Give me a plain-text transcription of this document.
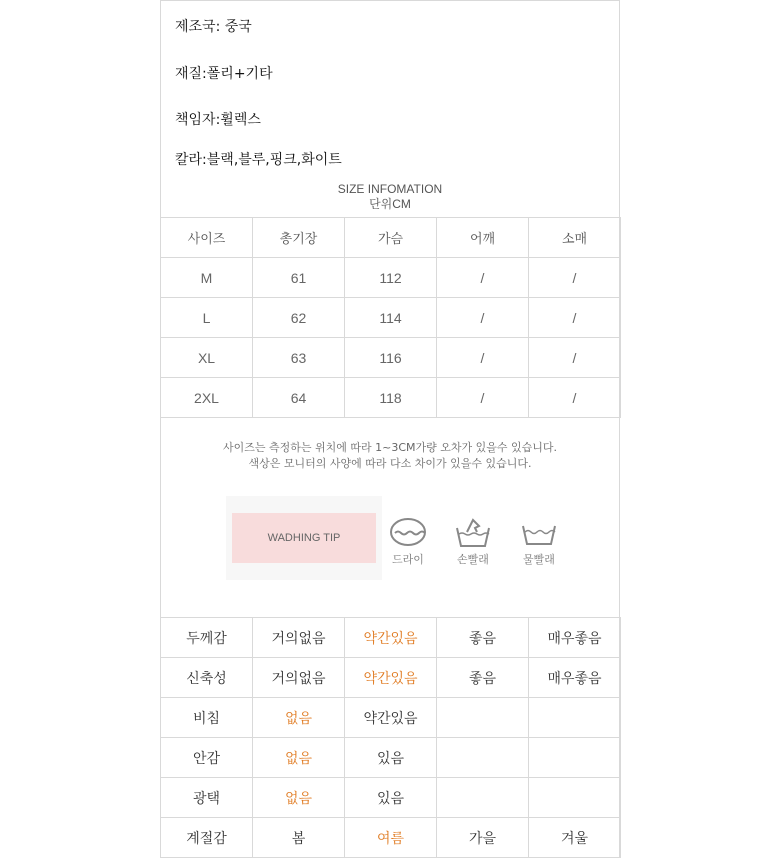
제조국: 중국
재질:폴리+기타
책임자:휠렉스
칼라:블랙,블루,핑크,화이트
SIZE INFOMATION
단위CM
사이즈	총기장	가슴	어깨	소매
M	61	112	/	/
L	62	114	/	/
XL	63	116	/	/
2XL	64	118	/	/
사이즈는 측정하는 위치에 따라 1~3CM가량 오차가 있을수 있습니다.
색상은 모니터의 사양에 따라 다소 차이가 있을수 있습니다.
WADHING TIP
드라이	손빨래	물빨래
두께감	거의없음	약간있음	좋음	매우좋음
신축성	거의없음	약간있음	좋음	매우좋음
비침	없음	약간있음		
안감	없음	있음		
광택	없음	있음		
계절감	봄	여름	가을	겨울
